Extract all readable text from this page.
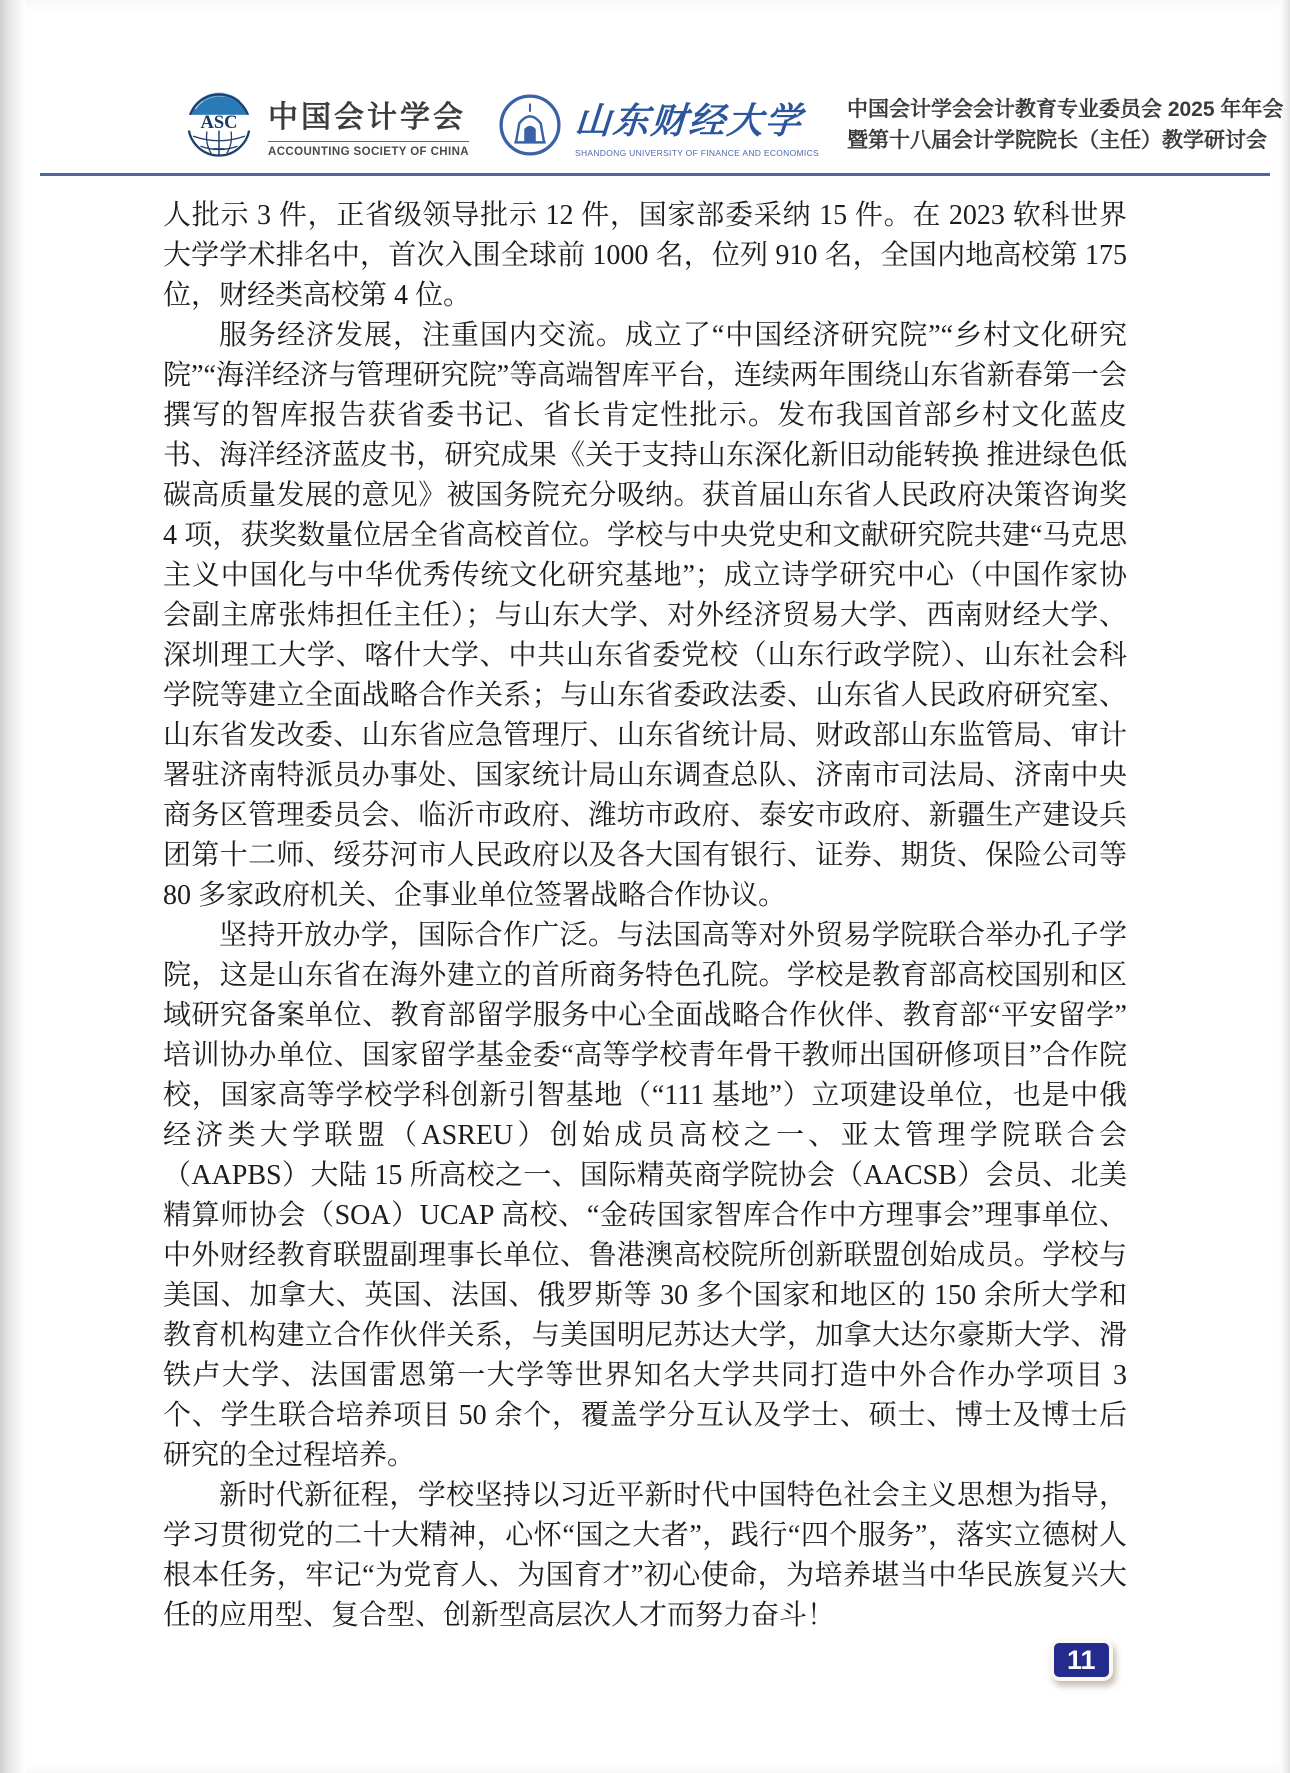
ASC 中国会计学会
ACCOUNTING SOCIETY OF CHINA
山东财经大学
SHANDONG UNIVERSITY OF FINANCE AND ECONOMICS
中国会计学会会计教育专业委员会 2025 年年会
暨第十八届会计学院院长（主任）教学研讨会

人批示 3 件，正省级领导批示 12 件，国家部委采纳 15 件。在 2023 软科世界大学学术排名中，首次入围全球前 1000 名，位列 910 名，全国内地高校第 175 位，财经类高校第 4 位。

服务经济发展，注重国内交流。成立了“中国经济研究院”“乡村文化研究院”“海洋经济与管理研究院”等高端智库平台，连续两年围绕山东省新春第一会撰写的智库报告获省委书记、省长肯定性批示。发布我国首部乡村文化蓝皮书、海洋经济蓝皮书，研究成果《关于支持山东深化新旧动能转换 推进绿色低碳高质量发展的意见》被国务院充分吸纳。获首届山东省人民政府决策咨询奖 4 项，获奖数量位居全省高校首位。学校与中央党史和文献研究院共建“马克思主义中国化与中华优秀传统文化研究基地”；成立诗学研究中心（中国作家协会副主席张炜担任主任）；与山东大学、对外经济贸易大学、西南财经大学、深圳理工大学、喀什大学、中共山东省委党校（山东行政学院）、山东社会科学院等建立全面战略合作关系；与山东省委政法委、山东省人民政府研究室、山东省发改委、山东省应急管理厅、山东省统计局、财政部山东监管局、审计署驻济南特派员办事处、国家统计局山东调查总队、济南市司法局、济南中央商务区管理委员会、临沂市政府、潍坊市政府、泰安市政府、新疆生产建设兵团第十二师、绥芬河市人民政府以及各大国有银行、证券、期货、保险公司等 80 多家政府机关、企事业单位签署战略合作协议。

坚持开放办学，国际合作广泛。与法国高等对外贸易学院联合举办孔子学院，这是山东省在海外建立的首所商务特色孔院。学校是教育部高校国别和区域研究备案单位、教育部留学服务中心全面战略合作伙伴、教育部“平安留学”培训协办单位、国家留学基金委“高等学校青年骨干教师出国研修项目”合作院校，国家高等学校学科创新引智基地（“111 基地”）立项建设单位，也是中俄经济类大学联盟（ASREU）创始成员高校之一、亚太管理学院联合会（AAPBS）大陆 15 所高校之一、国际精英商学院协会（AACSB）会员、北美精算师协会（SOA）UCAP 高校、“金砖国家智库合作中方理事会”理事单位、中外财经教育联盟副理事长单位、鲁港澳高校院所创新联盟创始成员。学校与美国、加拿大、英国、法国、俄罗斯等 30 多个国家和地区的 150 余所大学和教育机构建立合作伙伴关系，与美国明尼苏达大学，加拿大达尔豪斯大学、滑铁卢大学、法国雷恩第一大学等世界知名大学共同打造中外合作办学项目 3 个、学生联合培养项目 50 余个，覆盖学分互认及学士、硕士、博士及博士后研究的全过程培养。

新时代新征程，学校坚持以习近平新时代中国特色社会主义思想为指导，学习贯彻党的二十大精神，心怀“国之大者”，践行“四个服务”，落实立德树人根本任务，牢记“为党育人、为国育才”初心使命，为培养堪当中华民族复兴大任的应用型、复合型、创新型高层次人才而努力奋斗！

11
